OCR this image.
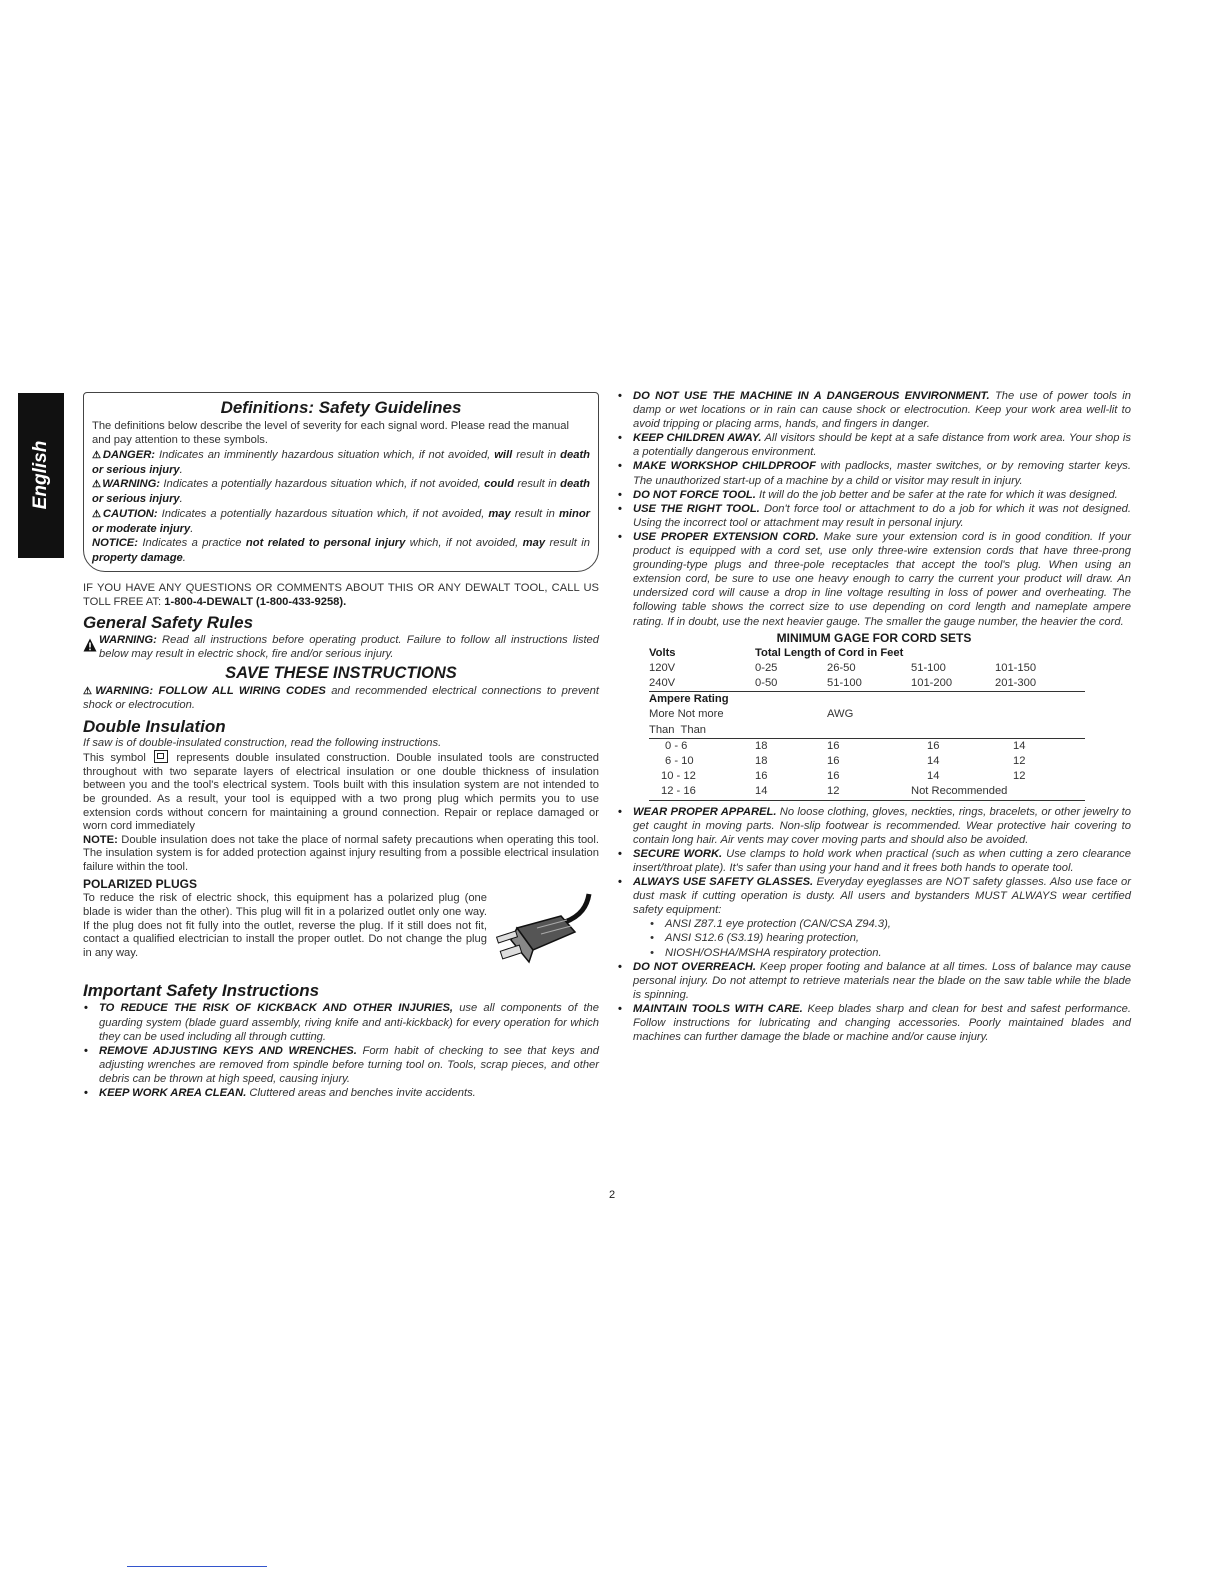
English
Definitions: Safety Guidelines

The definitions below describe the level of severity for each signal word. Please read the manual and pay attention to these symbols.

⚠DANGER: Indicates an imminently hazardous situation which, if not avoided, will result in death or serious injury.

⚠WARNING: Indicates a potentially hazardous situation which, if not avoided, could result in death or serious injury.

⚠CAUTION: Indicates a potentially hazardous situation which, if not avoided, may result in minor or moderate injury.

NOTICE: Indicates a practice not related to personal injury which, if not avoided, may result in property damage.

IF YOU HAVE ANY QUESTIONS OR COMMENTS ABOUT THIS OR ANY DEWALT TOOL, CALL US TOLL FREE AT: 1-800-4-DEWALT (1-800-433-9258).

General Safety Rules
WARNING: Read all instructions before operating product. Failure to follow all instructions listed below may result in electric shock, fire and/or serious injury.
SAVE THESE INSTRUCTIONS

⚠WARNING: FOLLOW ALL WIRING CODES and recommended electrical connections to prevent shock or electrocution.

Double Insulation

If saw is of double-insulated construction, read the following instructions.

This symbol
represents double insulated construction. Double insulated tools are constructed throughout with two separate layers of electrical insulation or one double thickness of insulation between you and the tool's electrical system. Tools built with this insulation system are not intended to be grounded. As a result, your tool is equipped with a two prong plug which permits you to use extension cords without concern for maintaining a ground connection. Repair or replace damaged or worn cord immediately

NOTE: Double insulation does not take the place of normal safety precautions when operating this tool. The insulation system is for added protection against injury resulting from a possible electrical insulation failure within the tool.

POLARIZED PLUGS

To reduce the risk of electric shock, this equipment has a polarized plug (one blade is wider than the other). This plug will fit in a polarized outlet only one way. If the plug does not fit fully into the outlet, reverse the plug. If it still does not fit, contact a qualified electrician to install the proper outlet. Do not change the plug in any way.

Important Safety Instructions
• TO REDUCE THE RISK OF KICKBACK AND OTHER INJURIES, use all components of the guarding system (blade guard assembly, riving knife and anti-kickback) for every operation for which they can be used including all through cutting.
• REMOVE ADJUSTING KEYS AND WRENCHES. Form habit of checking to see that keys and adjusting wrenches are removed from spindle before turning tool on. Tools, scrap pieces, and other debris can be thrown at high speed, causing injury.
• KEEP WORK AREA CLEAN. Cluttered areas and benches invite accidents.
• DO NOT USE THE MACHINE IN A DANGEROUS ENVIRONMENT. The use of power tools in damp or wet locations or in rain can cause shock or electrocution. Keep your work area well-lit to avoid tripping or placing arms, hands, and fingers in danger.
• KEEP CHILDREN AWAY. All visitors should be kept at a safe distance from work area. Your shop is a potentially dangerous environment.
• MAKE WORKSHOP CHILDPROOF with padlocks, master switches, or by removing starter keys. The unauthorized start-up of a machine by a child or visitor may result in injury.
• DO NOT FORCE TOOL. It will do the job better and be safer at the rate for which it was designed.
• USE THE RIGHT TOOL. Don't force tool or attachment to do a job for which it was not designed. Using the incorrect tool or attachment may result in personal injury.
• USE PROPER EXTENSION CORD. Make sure your extension cord is in good condition. If your product is equipped with a cord set, use only three-wire extension cords that have three-prong grounding-type plugs and three-pole receptacles that accept the tool's plug. When using an extension cord, be sure to use one heavy enough to carry the current your product will draw. An undersized cord will cause a drop in line voltage resulting in loss of power and overheating. The following table shows the correct size to use depending on cord length and nameplate ampere rating. If in doubt, use the next heavier gauge. The smaller the gauge number, the heavier the cord.
MINIMUM GAGE FOR CORD SETS
Volts	Total Length of Cord in Feet			
120V	0-25	26-50	51-100	101-150
240V	0-50	51-100	101-200	201-300
Ampere Rating				
More Not more		AWG		
Than  Than				
0 - 6	18	16	16	14
6 - 10	18	16	14	12
10 - 12	16	16	14	12
12 - 16	14	12	Not Recommended	
• WEAR PROPER APPAREL. No loose clothing, gloves, neckties, rings, bracelets, or other jewelry to get caught in moving parts. Non-slip footwear is recommended. Wear protective hair covering to contain long hair. Air vents may cover moving parts and should also be avoided.
• SECURE WORK. Use clamps to hold work when practical (such as when cutting a zero clearance insert/throat plate). It's safer than using your hand and it frees both hands to operate tool.
• ALWAYS USE SAFETY GLASSES. Everyday eyeglasses are NOT safety glasses. Also use face or dust mask if cutting operation is dusty. All users and bystanders MUST ALWAYS wear certified safety equipment:
• ANSI Z87.1 eye protection (CAN/CSA Z94.3),
• ANSI S12.6 (S3.19) hearing protection,
• NIOSH/OSHA/MSHA respiratory protection.
• DO NOT OVERREACH. Keep proper footing and balance at all times. Loss of balance may cause personal injury. Do not attempt to retrieve materials near the blade on the saw table while the blade is spinning.
• MAINTAIN TOOLS WITH CARE. Keep blades sharp and clean for best and safest performance. Follow instructions for lubricating and changing accessories. Poorly maintained blades and machines can further damage the blade or machine and/or cause injury.
2
